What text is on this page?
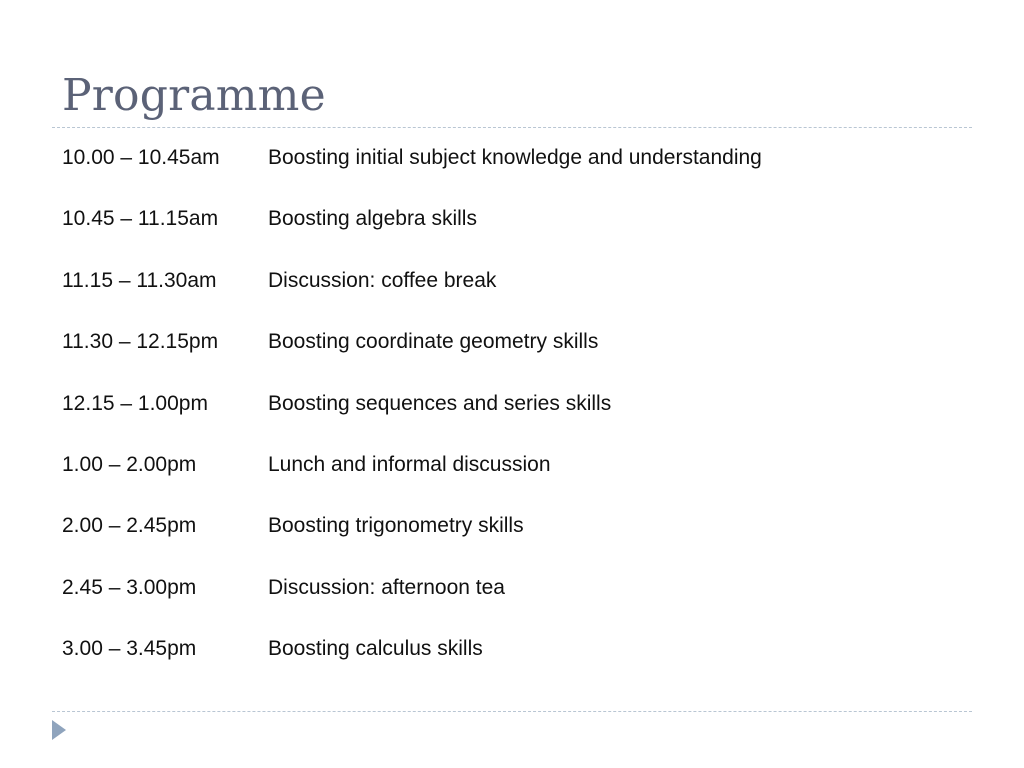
Programme
10.00 – 10.45am	Boosting initial subject knowledge and understanding
10.45 – 11.15am	Boosting algebra skills
11.15 – 11.30am	Discussion: coffee break
11.30 – 12.15pm	Boosting coordinate geometry skills
12.15 – 1.00pm	Boosting sequences and series skills
1.00 – 2.00pm	Lunch and informal discussion
2.00 – 2.45pm	Boosting trigonometry skills
2.45 – 3.00pm	Discussion: afternoon tea
3.00 – 3.45pm	Boosting calculus skills
